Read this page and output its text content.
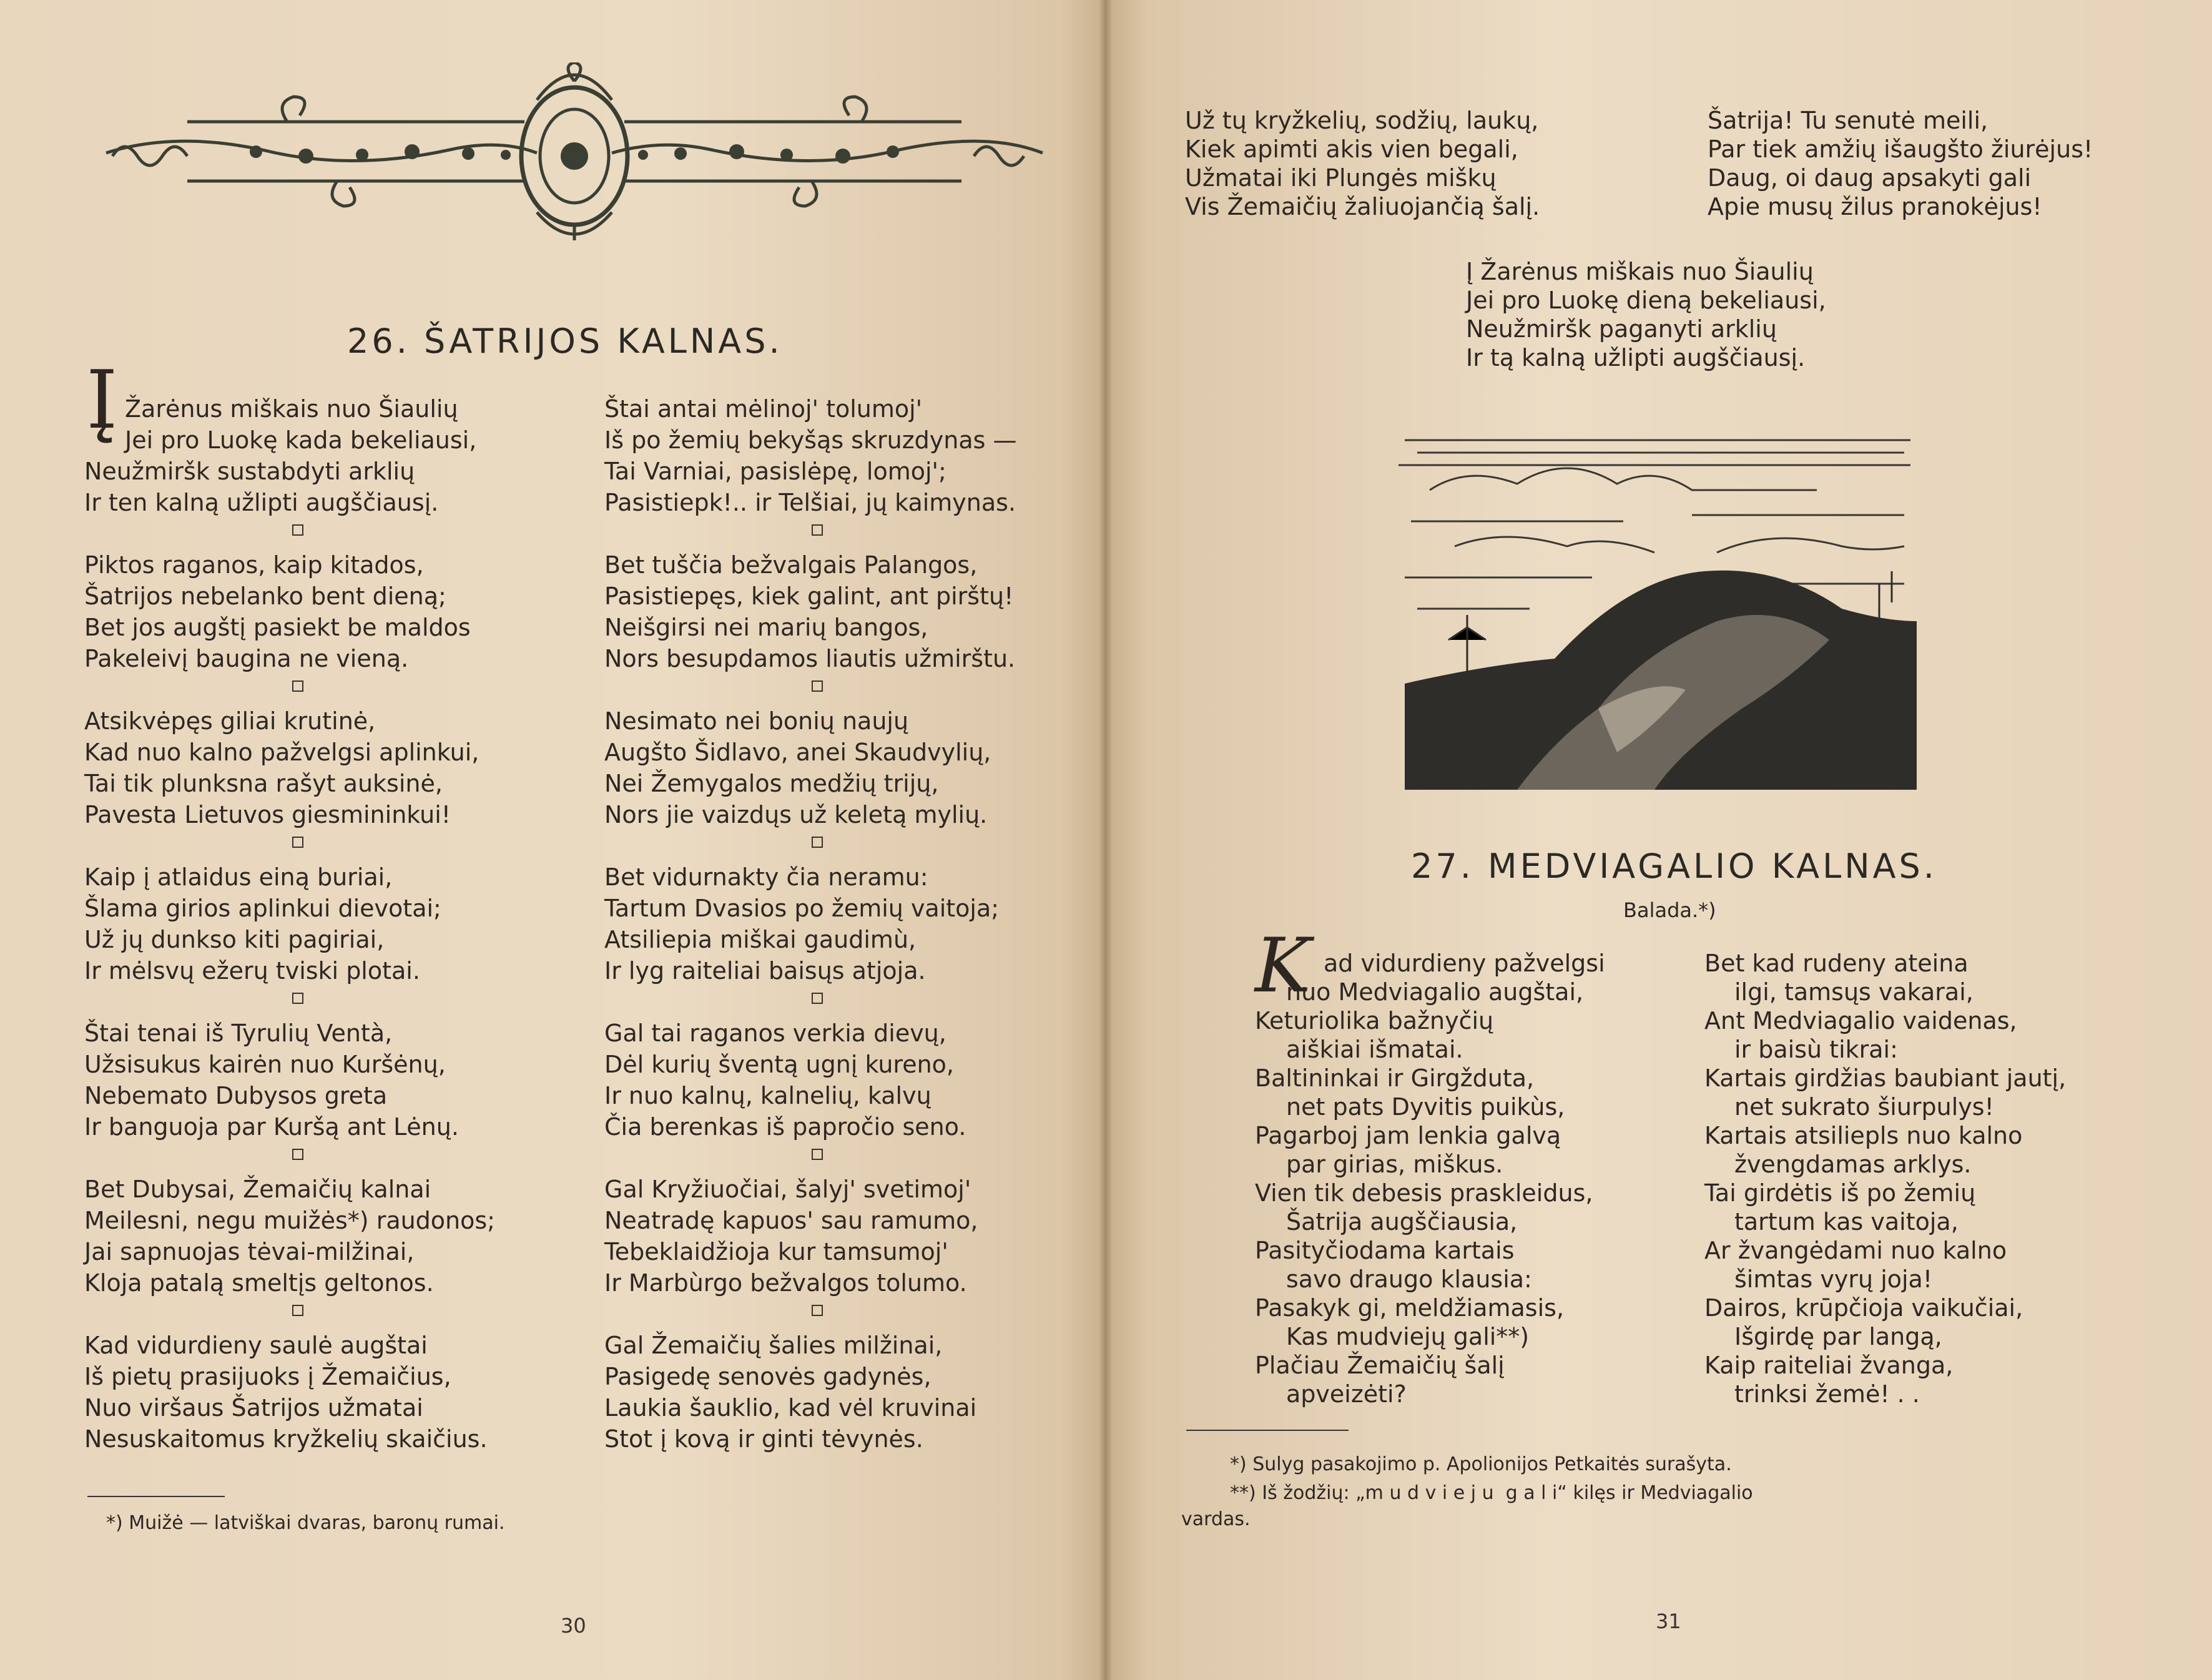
26. ŠATRIJOS KALNAS.
Į
*) Muižė — latviškai dvaras, baronų rumai.
30
Žarėnus miškais nuo Šiaulių
Jei pro Luokę kada bekeliausi,
Neužmiršk sustabdyti arklių
Ir ten kalną užlipti augščiausį.
Piktos raganos, kaip kitados,
Šatrijos nebelanko bent dieną;
Bet jos augštį pasiekt be maldos
Pakeleivį baugina ne vieną.
Atsikvėpęs giliai krutinė,
Kad nuo kalno pažvelgsi aplinkui,
Tai tik plunksna rašyt auksinė,
Pavesta Lietuvos giesmininkui!
Kaip į atlaidus einą buriai,
Šlama girios aplinkui dievotai;
Už jų dunkso kiti pagiriai,
Ir mėlsvų ežerų tviski plotai.
Štai tenai iš Tyrulių Ventà,
Užsisukus kairėn nuo Kuršėnų,
Nebemato Dubysos greta
Ir banguoja par Kuršą ant Lėnų.
Bet Dubysai, Žemaičių kalnai
Meilesni, negu muižės*) raudonos;
Jai sapnuojas tėvai-milžinai,
Kloja patalą smeltįs geltonos.
Kad vidurdieny saulė augštai
Iš pietų prasijuoks į Žemaičius,
Nuo viršaus Šatrijos užmatai
Nesuskaitomus kryžkelių skaičius.
Štai antai mėlinoj' tolumoj'
Iš po žemių bekyšąs skruzdynas —
Tai Varniai, pasislėpę, lomoj';
Pasistiepk!.. ir Telšiai, jų kaimynas.
Bet tuščia bežvalgais Palangos,
Pasistiepęs, kiek galint, ant pirštų!
Neišgirsi nei marių bangos,
Nors besupdamos liautis užmirštu.
Nesimato nei bonių naujų
Augšto Šidlavo, anei Skaudvylių,
Nei Žemygalos medžių trijų,
Nors jie vaizdųs už keletą mylių.
Bet vidurnakty čia neramu:
Tartum Dvasios po žemių vaitoja;
Atsiliepia miškai gaudimù,
Ir lyg raiteliai baisųs atjoja.
Gal tai raganos verkia dievų,
Dėl kurių šventą ugnį kureno,
Ir nuo kalnų, kalnelių, kalvų
Čia berenkas iš papročio seno.
Gal Kryžiuočiai, šalyj' svetimoj'
Neatradę kapuos' sau ramumo,
Tebeklaidžioja kur tamsumoj'
Ir Marbùrgo bežvalgos tolumo.
Gal Žemaičių šalies milžinai,
Pasigedę senovės gadynės,
Laukia šauklio, kad vėl kruvinai
Stot į kovą ir ginti tėvynės.
27. MEDVIAGALIO KALNAS.
Balada.*)
K
*) Sulyg pasakojimo p. Apolionijos Petkaitės surašyta.
**) Iš žodžių: „m u d v i e j u  g a l i“ kilęs ir Medviagalio
vardas.
31
Už tų kryžkelių, sodžių, laukų,
Kiek apimti akis vien begali,
Užmatai iki Plungės miškų
Vis Žemaičių žaliuojančią šalį.
Šatrija! Tu senutė meili,
Par tiek amžių išaugšto žiurėjus!
Daug, oi daug apsakyti gali
Apie musų žilus pranokėjus!
Į Žarėnus miškais nuo Šiaulių
Jei pro Luokę dieną bekeliausi,
Neužmiršk paganyti arklių
Ir tą kalną užlipti augščiausį.
ad vidurdieny pažvelgsi
nuo Medviagalio augštai,
Keturiolika bažnyčių
aiškiai išmatai.
Baltininkai ir Girgžduta,
net pats Dyvitis puikùs,
Pagarboj jam lenkia galvą
par girias, miškus.
Vien tik debesis praskleidus,
Šatrija augščiausia,
Pasityčiodama kartais
savo draugo klausia:
Pasakyk gi, meldžiamasis,
Kas mudviejų gali**)
Plačiau Žemaičių šalį
apveizėti?
Bet kad rudeny ateina
ilgi, tamsųs vakarai,
Ant Medviagalio vaidenas,
ir baisù tikrai:
Kartais girdžias baubiant jautį,
net sukrato šiurpulys!
Kartais atsiliepls nuo kalno
žvengdamas arklys.
Tai girdėtis iš po žemių
tartum kas vaitoja,
Ar žvangėdami nuo kalno
šimtas vyrų joja!
Dairos, krūpčioja vaikučiai,
Išgirdę par langą,
Kaip raiteliai žvanga,
trinksi žemė! . .
